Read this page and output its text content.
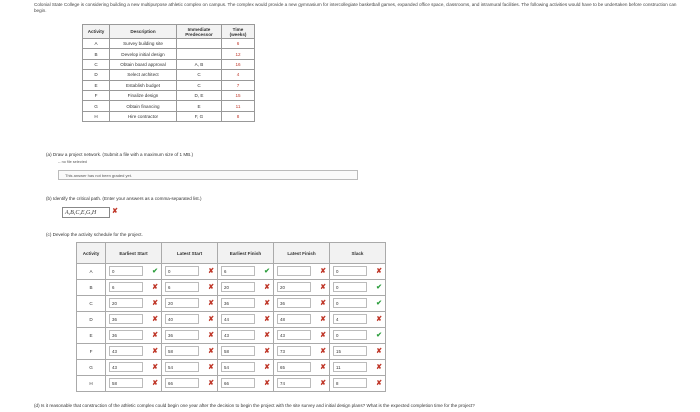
Colonial State College is considering building a new multipurpose athletic complex on campus. The complex would provide a new gymnasium for intercollegiate basketball games, expanded office space, classrooms, and intramural facilities. The following activities would have to be undertaken before construction can begin.
Activity	Description	Immediate Predecessor	Time (weeks)
A	Survey building site		6
B	Develop initial design		12
C	Obtain board approval	A, B	16
D	Select architect	C	4
E	Establish budget	C	7
F	Finalize design	D, E	15
G	Obtain financing	E	11
H	Hire contractor	F, G	8
(a) Draw a project network. (Submit a file with a maximum size of 1 MB.)
-- no file selected
This answer has not been graded yet.
(b) Identify the critical path. (Enter your answers as a comma-separated list.)
A,B,C,E,G,H	✘
(c) Develop the activity schedule for the project.
Activity	Earliest Start	Latest Start	Earliest Finish	Latest Finish	Slack
A	0 ✔	0 ✘	6 ✔	✘	0 ✘

B	6 ✘	6 ✘	20 ✘	20 ✘	0 ✔

C	20 ✘	20 ✘	36 ✘	36 ✘	0 ✔

D	36 ✘	40 ✘	44 ✘	48 ✘	4 ✘

E	36 ✘	36 ✘	43 ✘	43 ✘	0 ✔

F	43 ✘	58 ✘	58 ✘	73 ✘	15 ✘

G	43 ✘	54 ✘	54 ✘	65 ✘	11 ✘

H	58 ✘	66 ✘	66 ✘	74 ✘	8 ✘
(d) Is it reasonable that construction of the athletic complex could begin one year after the decision to begin the project with the site survey and initial design plans? What is the expected completion time for the project?
